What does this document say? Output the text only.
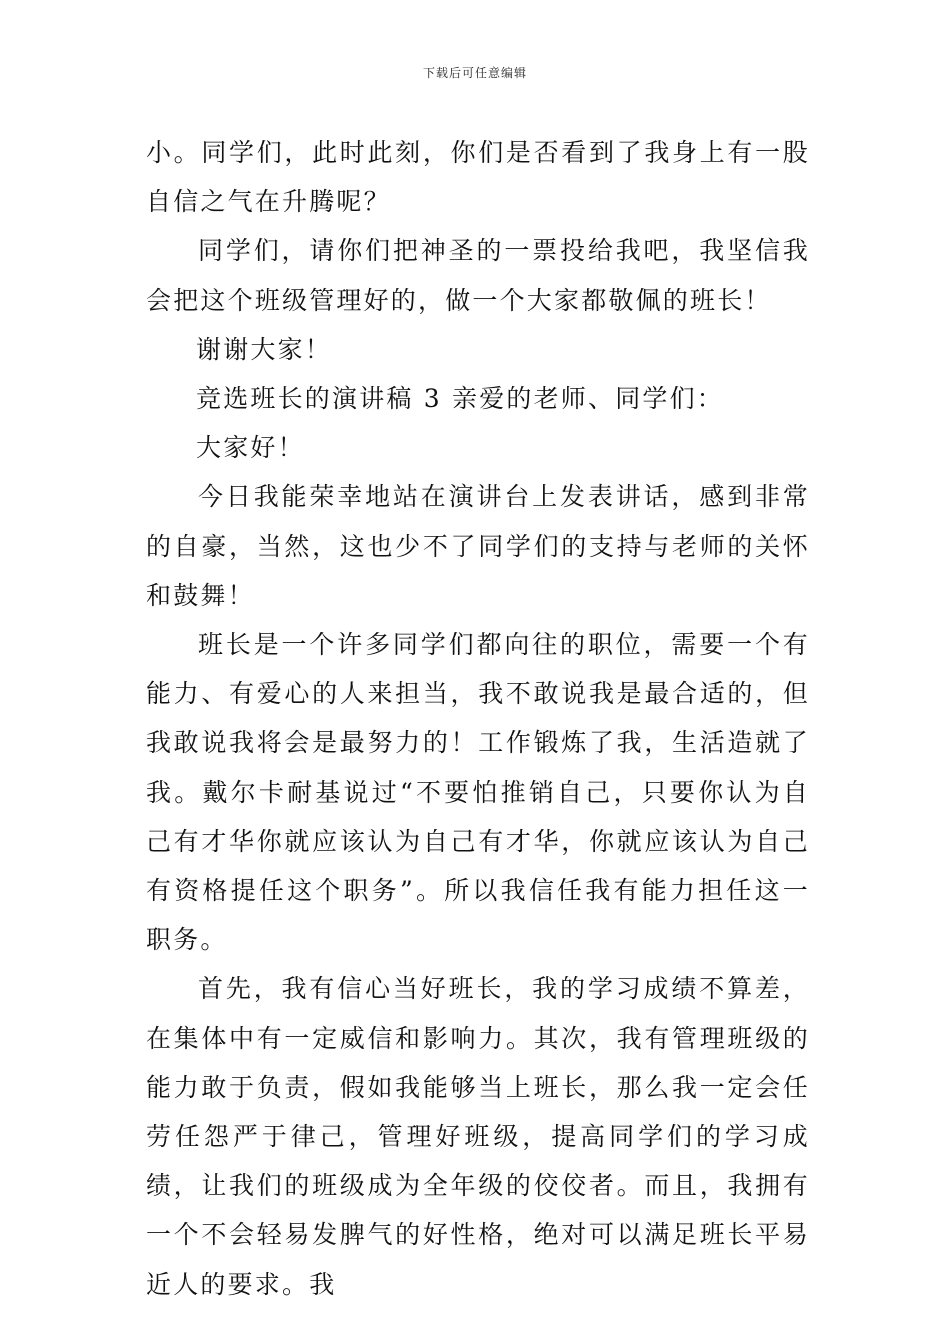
下载后可任意编辑

小。同学们，此时此刻，你们是否看到了我身上有一股自信之气在升腾呢？

同学们，请你们把神圣的一票投给我吧，我坚信我会把这个班级管理好的，做一个大家都敬佩的班长！

谢谢大家！

竞选班长的演讲稿 3 亲爱的老师、同学们：

大家好！

今日我能荣幸地站在演讲台上发表讲话，感到非常的自豪，当然，这也少不了同学们的支持与老师的关怀和鼓舞！

班长是一个许多同学们都向往的职位，需要一个有能力、有爱心的人来担当，我不敢说我是最合适的，但我敢说我将会是最努力的！工作锻炼了我，生活造就了我。戴尔卡耐基说过“不要怕推销自己，只要你认为自己有才华你就应该认为自己有才华，你就应该认为自己有资格提任这个职务”。所以我信任我有能力担任这一职务。

首先，我有信心当好班长，我的学习成绩不算差，在集体中有一定威信和影响力。其次，我有管理班级的能力敢于负责，假如我能够当上班长，那么我一定会任劳任怨严于律己，管理好班级，提高同学们的学习成绩，让我们的班级成为全年级的佼佼者。而且，我拥有一个不会轻易发脾气的好性格，绝对可以满足班长平易近人的要求。我
